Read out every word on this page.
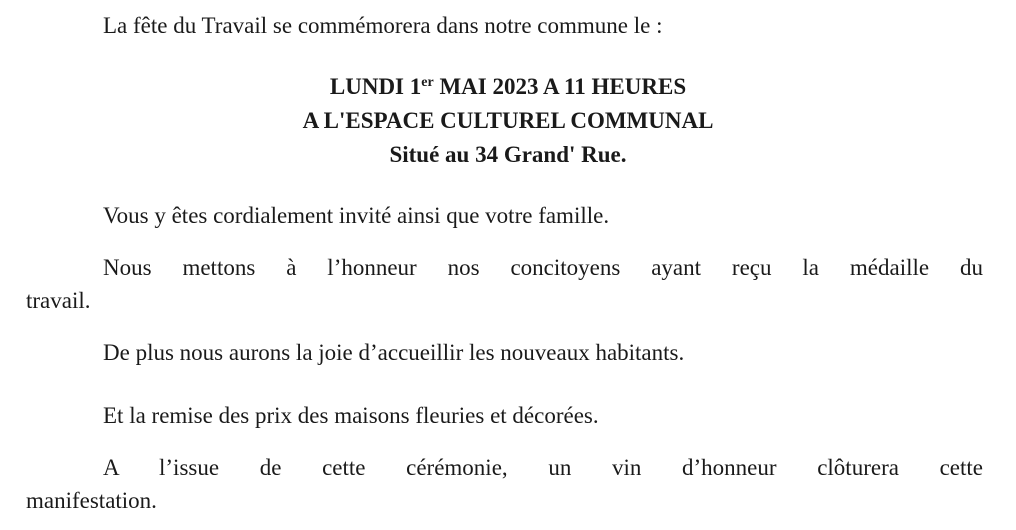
La fête du Travail se commémorera dans notre commune le :
LUNDI 1er MAI 2023 A 11 HEURES
A L'ESPACE CULTUREL COMMUNAL
Situé au 34 Grand' Rue.
Vous y êtes cordialement invité ainsi que votre famille.
Nous mettons à l’honneur nos concitoyens ayant reçu la médaille du
travail.
De plus nous aurons la joie d’accueillir les nouveaux habitants.
Et la remise des prix des maisons fleuries et décorées.
A l’issue de cette cérémonie, un vin d’honneur clôturera cette
manifestation.
